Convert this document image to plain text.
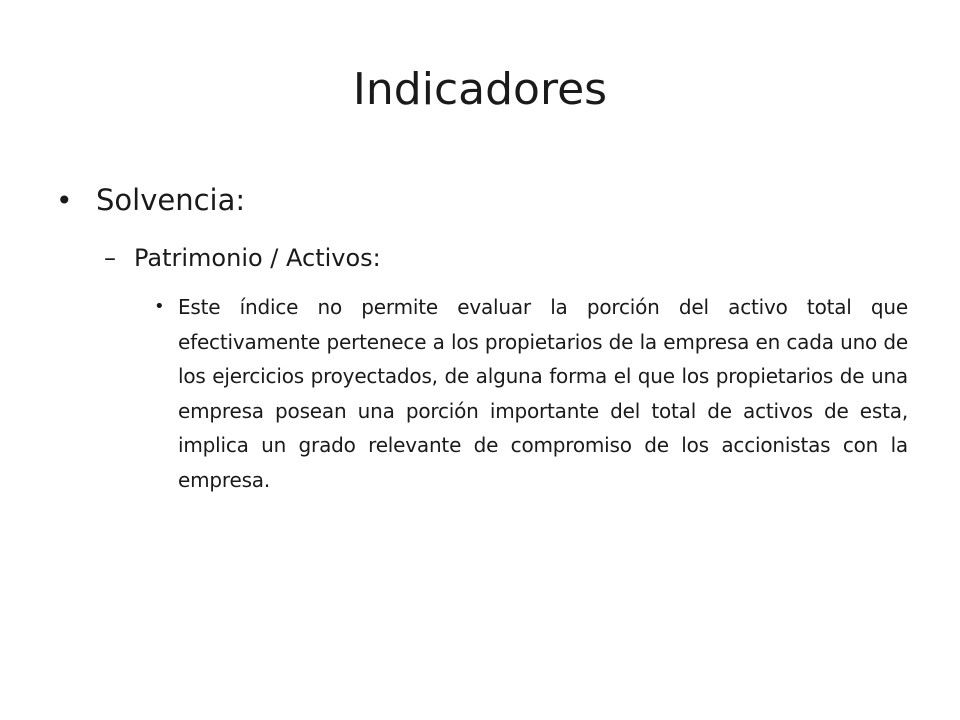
Indicadores
• Solvencia:
– Patrimonio / Activos:
• Este índice no permite evaluar la porción del activo total que efectivamente pertenece a los propietarios de la empresa en cada uno de los ejercicios proyectados, de alguna forma el que los propietarios de una empresa posean una porción importante del total de activos de esta, implica un grado relevante de compromiso de los accionistas con la empresa.
